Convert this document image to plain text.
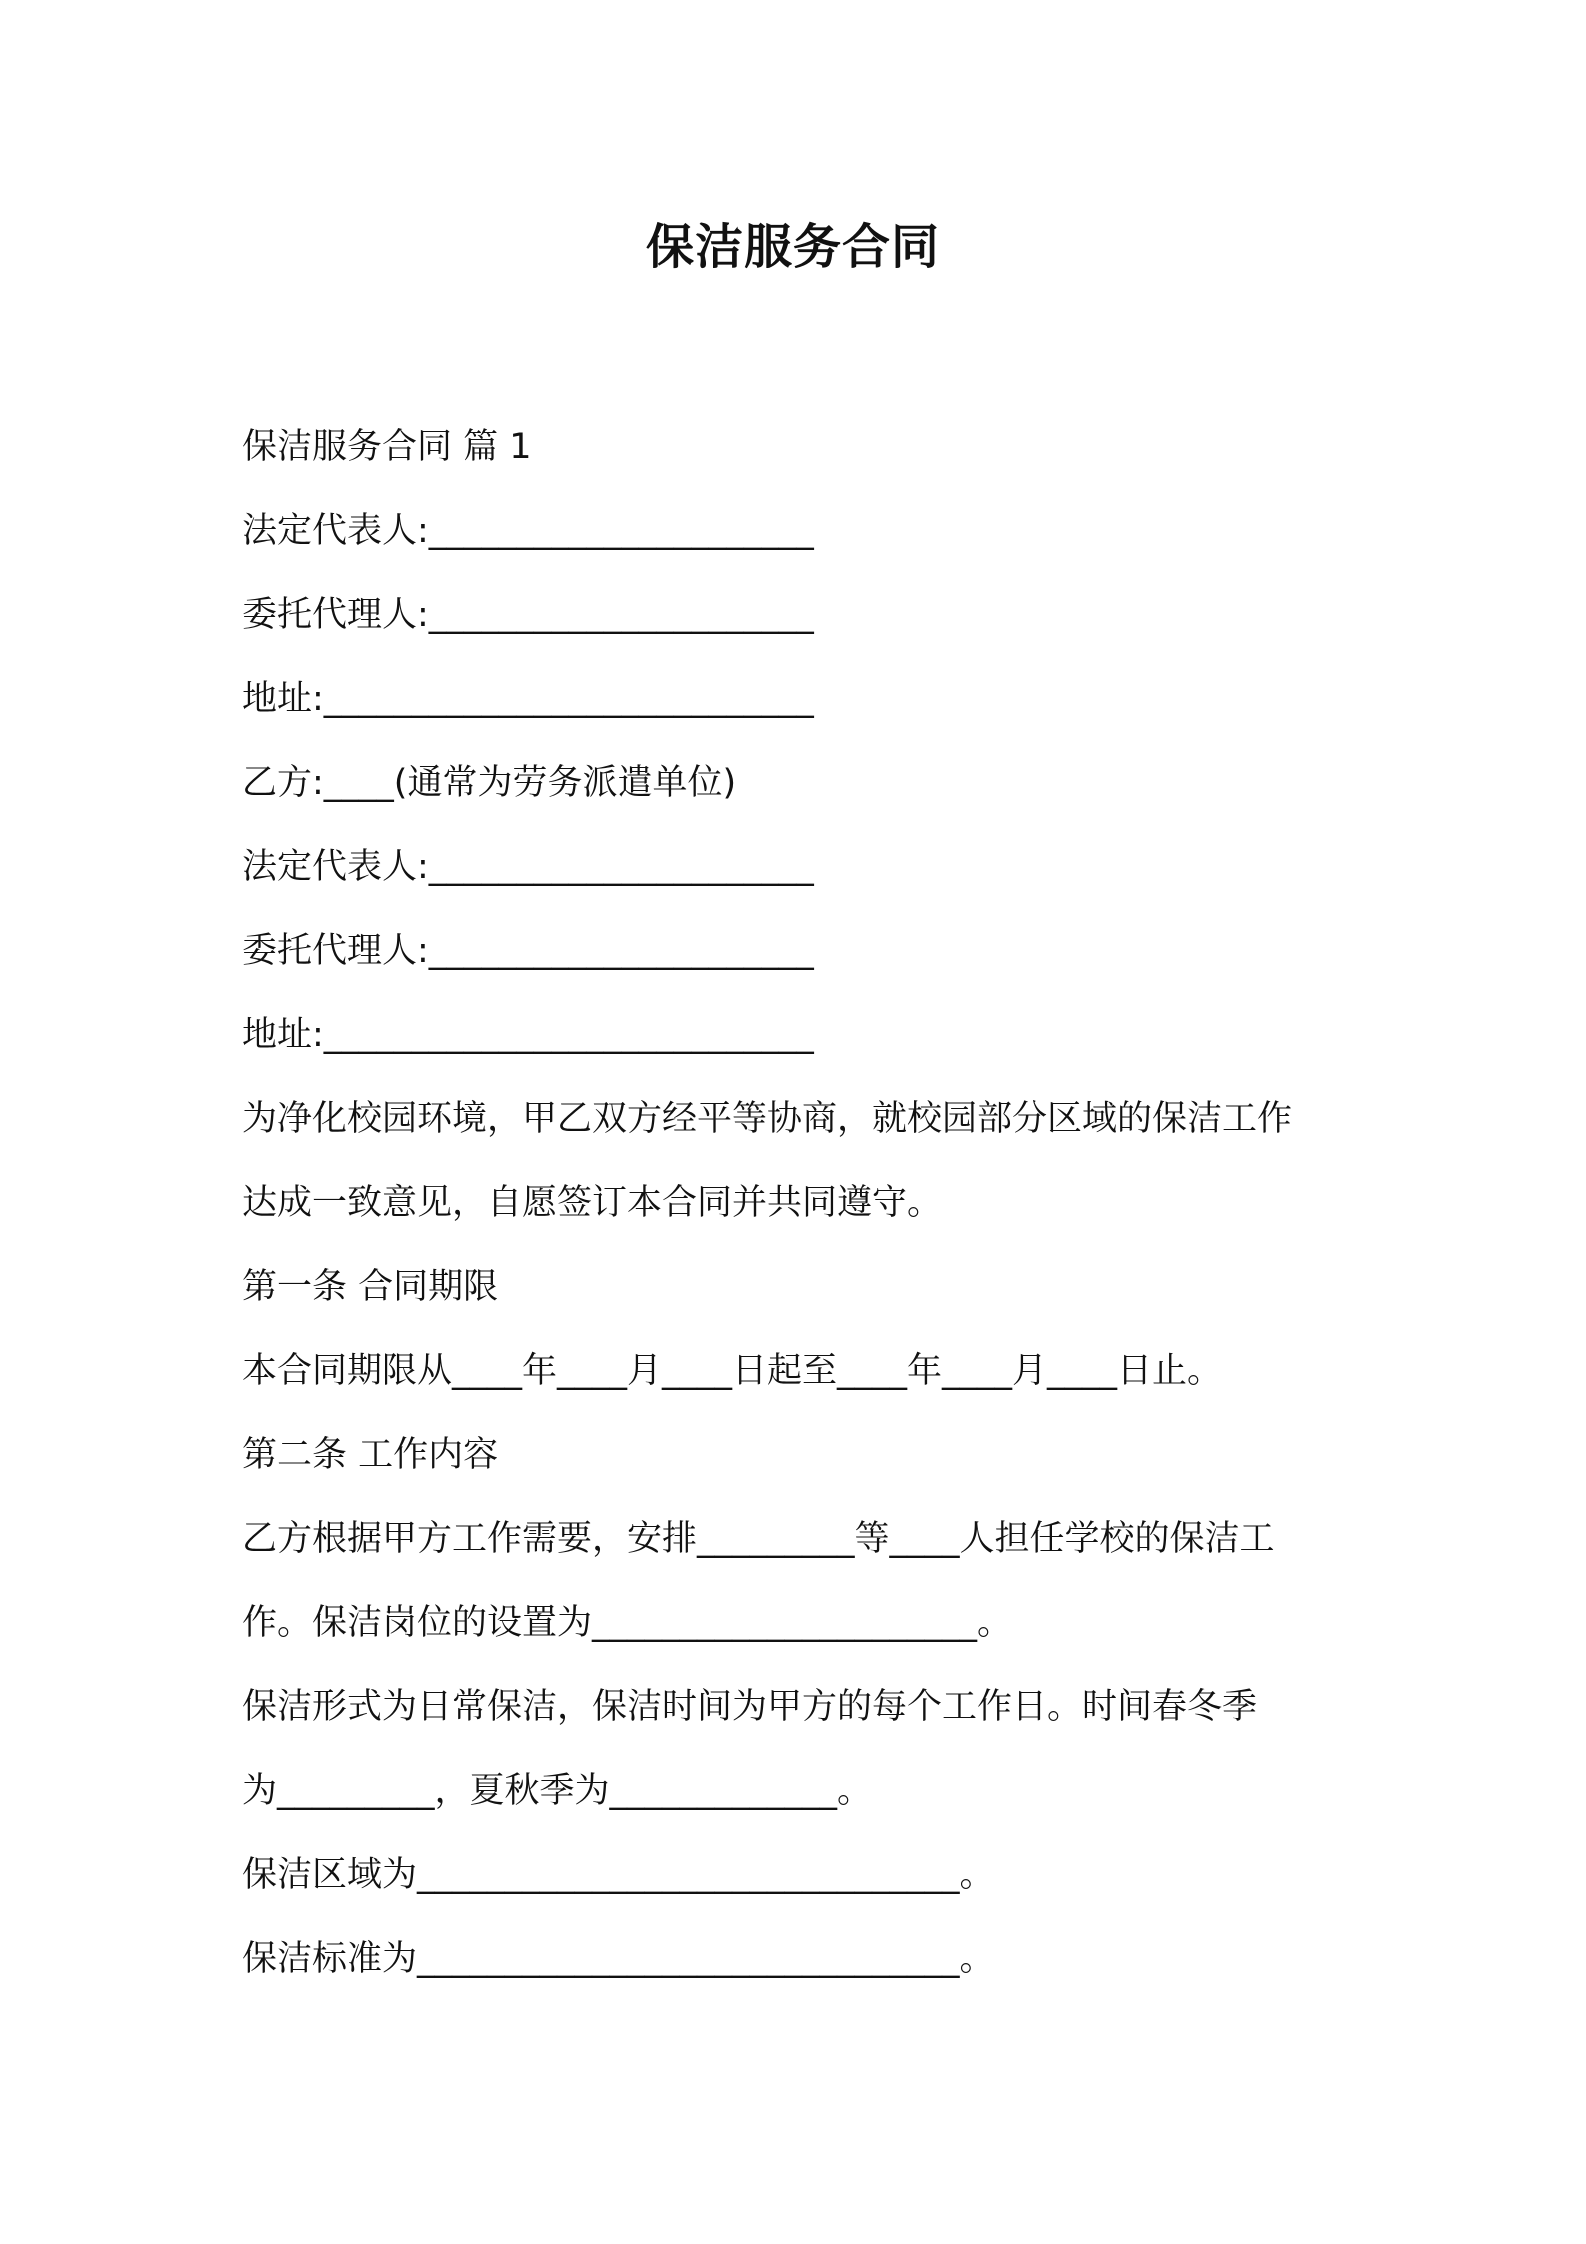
保洁服务合同
保洁服务合同 篇 1
法定代表人:______________________
委托代理人:______________________
地址:____________________________
乙方:____(通常为劳务派遣单位)
法定代表人:______________________
委托代理人:______________________
地址:____________________________
为净化校园环境，甲乙双方经平等协商，就校园部分区域的保洁工作
达成一致意见，自愿签订本合同并共同遵守。
第一条 合同期限
本合同期限从____年____月____日起至____年____月____日止。
第二条 工作内容
乙方根据甲方工作需要，安排_________等____人担任学校的保洁工
作。保洁岗位的设置为______________________。
保洁形式为日常保洁，保洁时间为甲方的每个工作日。时间春冬季
为_________，夏秋季为_____________。
保洁区域为_______________________________。
保洁标准为_______________________________。
